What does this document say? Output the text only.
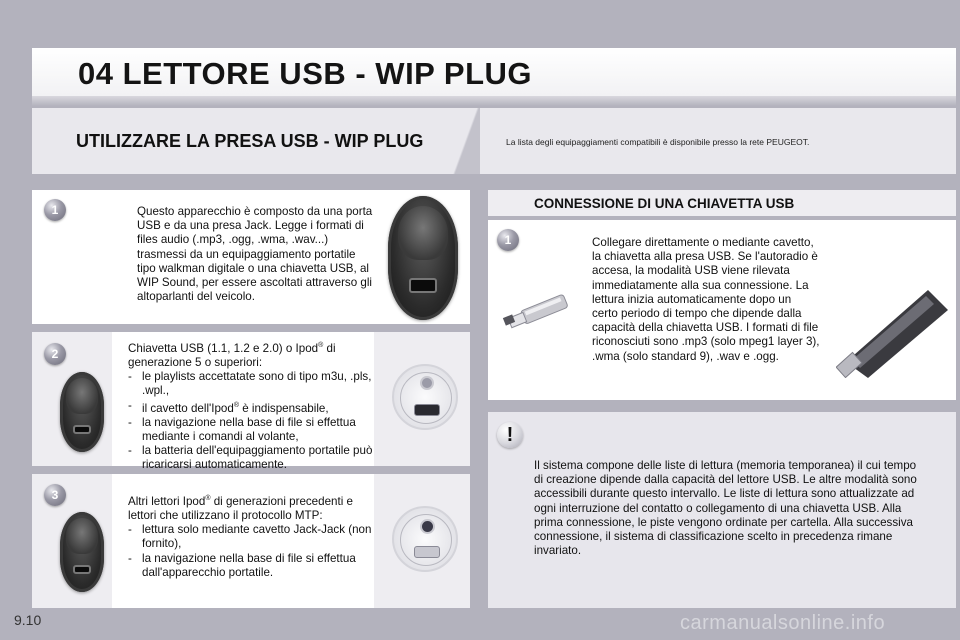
04 LETTORE USB - WIP PLUG
UTILIZZARE LA PRESA USB - WIP PLUG	La lista degli equipaggiamenti compatibili è disponibile presso la rete PEUGEOT.
1	Questo apparecchio è composto da una porta USB e da una presa Jack. Legge i formati di files audio (.mp3, .ogg, .wma, .wav...) trasmessi da un equipaggiamento portatile tipo walkman digitale o una chiavetta USB, al WIP Sound, per essere ascoltati attraverso gli altoparlanti del veicolo.
2	Chiavetta USB (1.1, 1.2 e 2.0) o Ipod® di generazione 5 o superiori:

- le playlists accettatate sono di tipo m3u, .pls, .wpl.,
- il cavetto dell'Ipod® è indispensabile,
- la navigazione nella base di file si effettua mediante i comandi al volante,
- la batteria dell'equipaggiamento portatile può ricaricarsi automaticamente.
3	Altri lettori Ipod® di generazioni precedenti e lettori che utilizzano il protocollo MTP:

- lettura solo mediante cavetto Jack-Jack (non fornito),
- la navigazione nella base di file si effettua dall'apparecchio portatile.
CONNESSIONE DI UNA CHIAVETTA USB
1	Collegare direttamente o mediante cavetto, la chiavetta alla presa USB. Se l'autoradio è accesa, la modalità USB viene rilevata immediatamente alla sua connessione. La lettura inizia automaticamente dopo un certo periodo di tempo che dipende dalla capacità della chiavetta USB. I formati di file riconosciuti sono .mp3 (solo mpeg1 layer 3), .wma (solo standard 9), .wav e .ogg.
!
Il sistema compone delle liste di lettura (memoria temporanea) il cui tempo di creazione dipende dalla capacità del lettore USB. Le altre modalità sono accessibili durante questo intervallo. Le liste di lettura sono attualizzate ad ogni interruzione del contatto o collegamento di una chiavetta USB. Alla prima connessione, le piste vengono ordinate per cartella. Alla successiva connessione, il sistema di classificazione scelto in precedenza rimane invariato.
9.10	carmanualsonline.info
